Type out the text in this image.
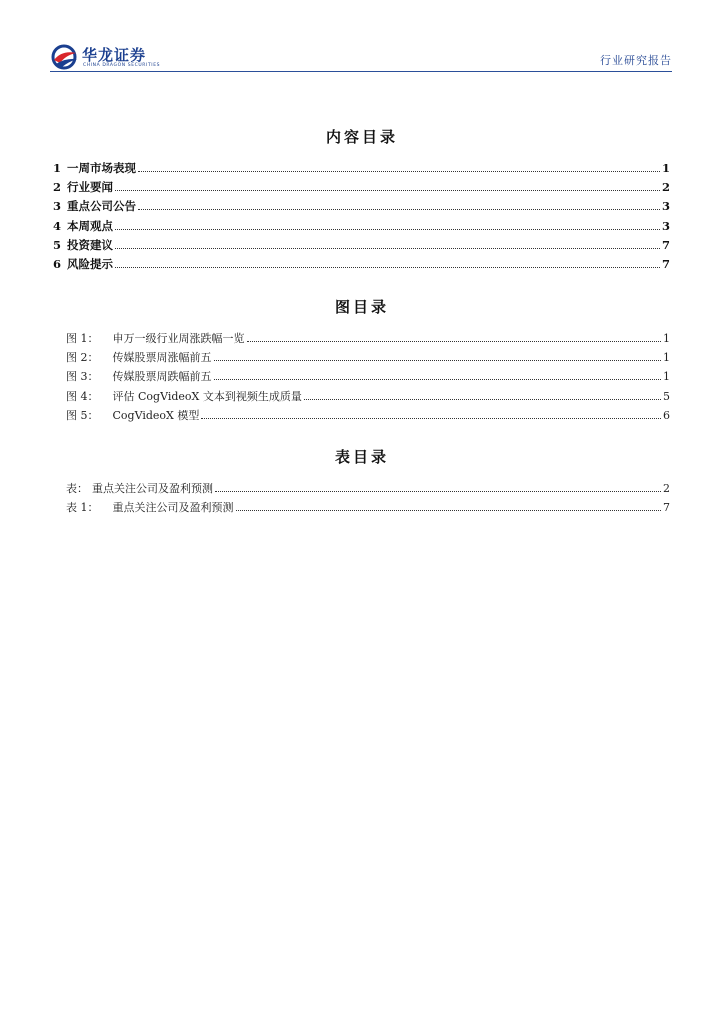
华龙证券
CHINA DRAGON SECURITIES	行业研究报告
内容目录
1 一周市场表现	1
2 行业要闻	2
3 重点公司公告	3
4 本周观点	3
5 投资建议	7
6 风险提示	7
图目录
图 1： 申万一级行业周涨跌幅一览	1
图 2： 传媒股票周涨幅前五	1
图 3： 传媒股票周跌幅前五	1
图 4： 评估 CogVideoX 文本到视频生成质量	5
图 5： CogVideoX 模型	6
表目录
表： 重点关注公司及盈利预测	2
表 1： 重点关注公司及盈利预测	7
